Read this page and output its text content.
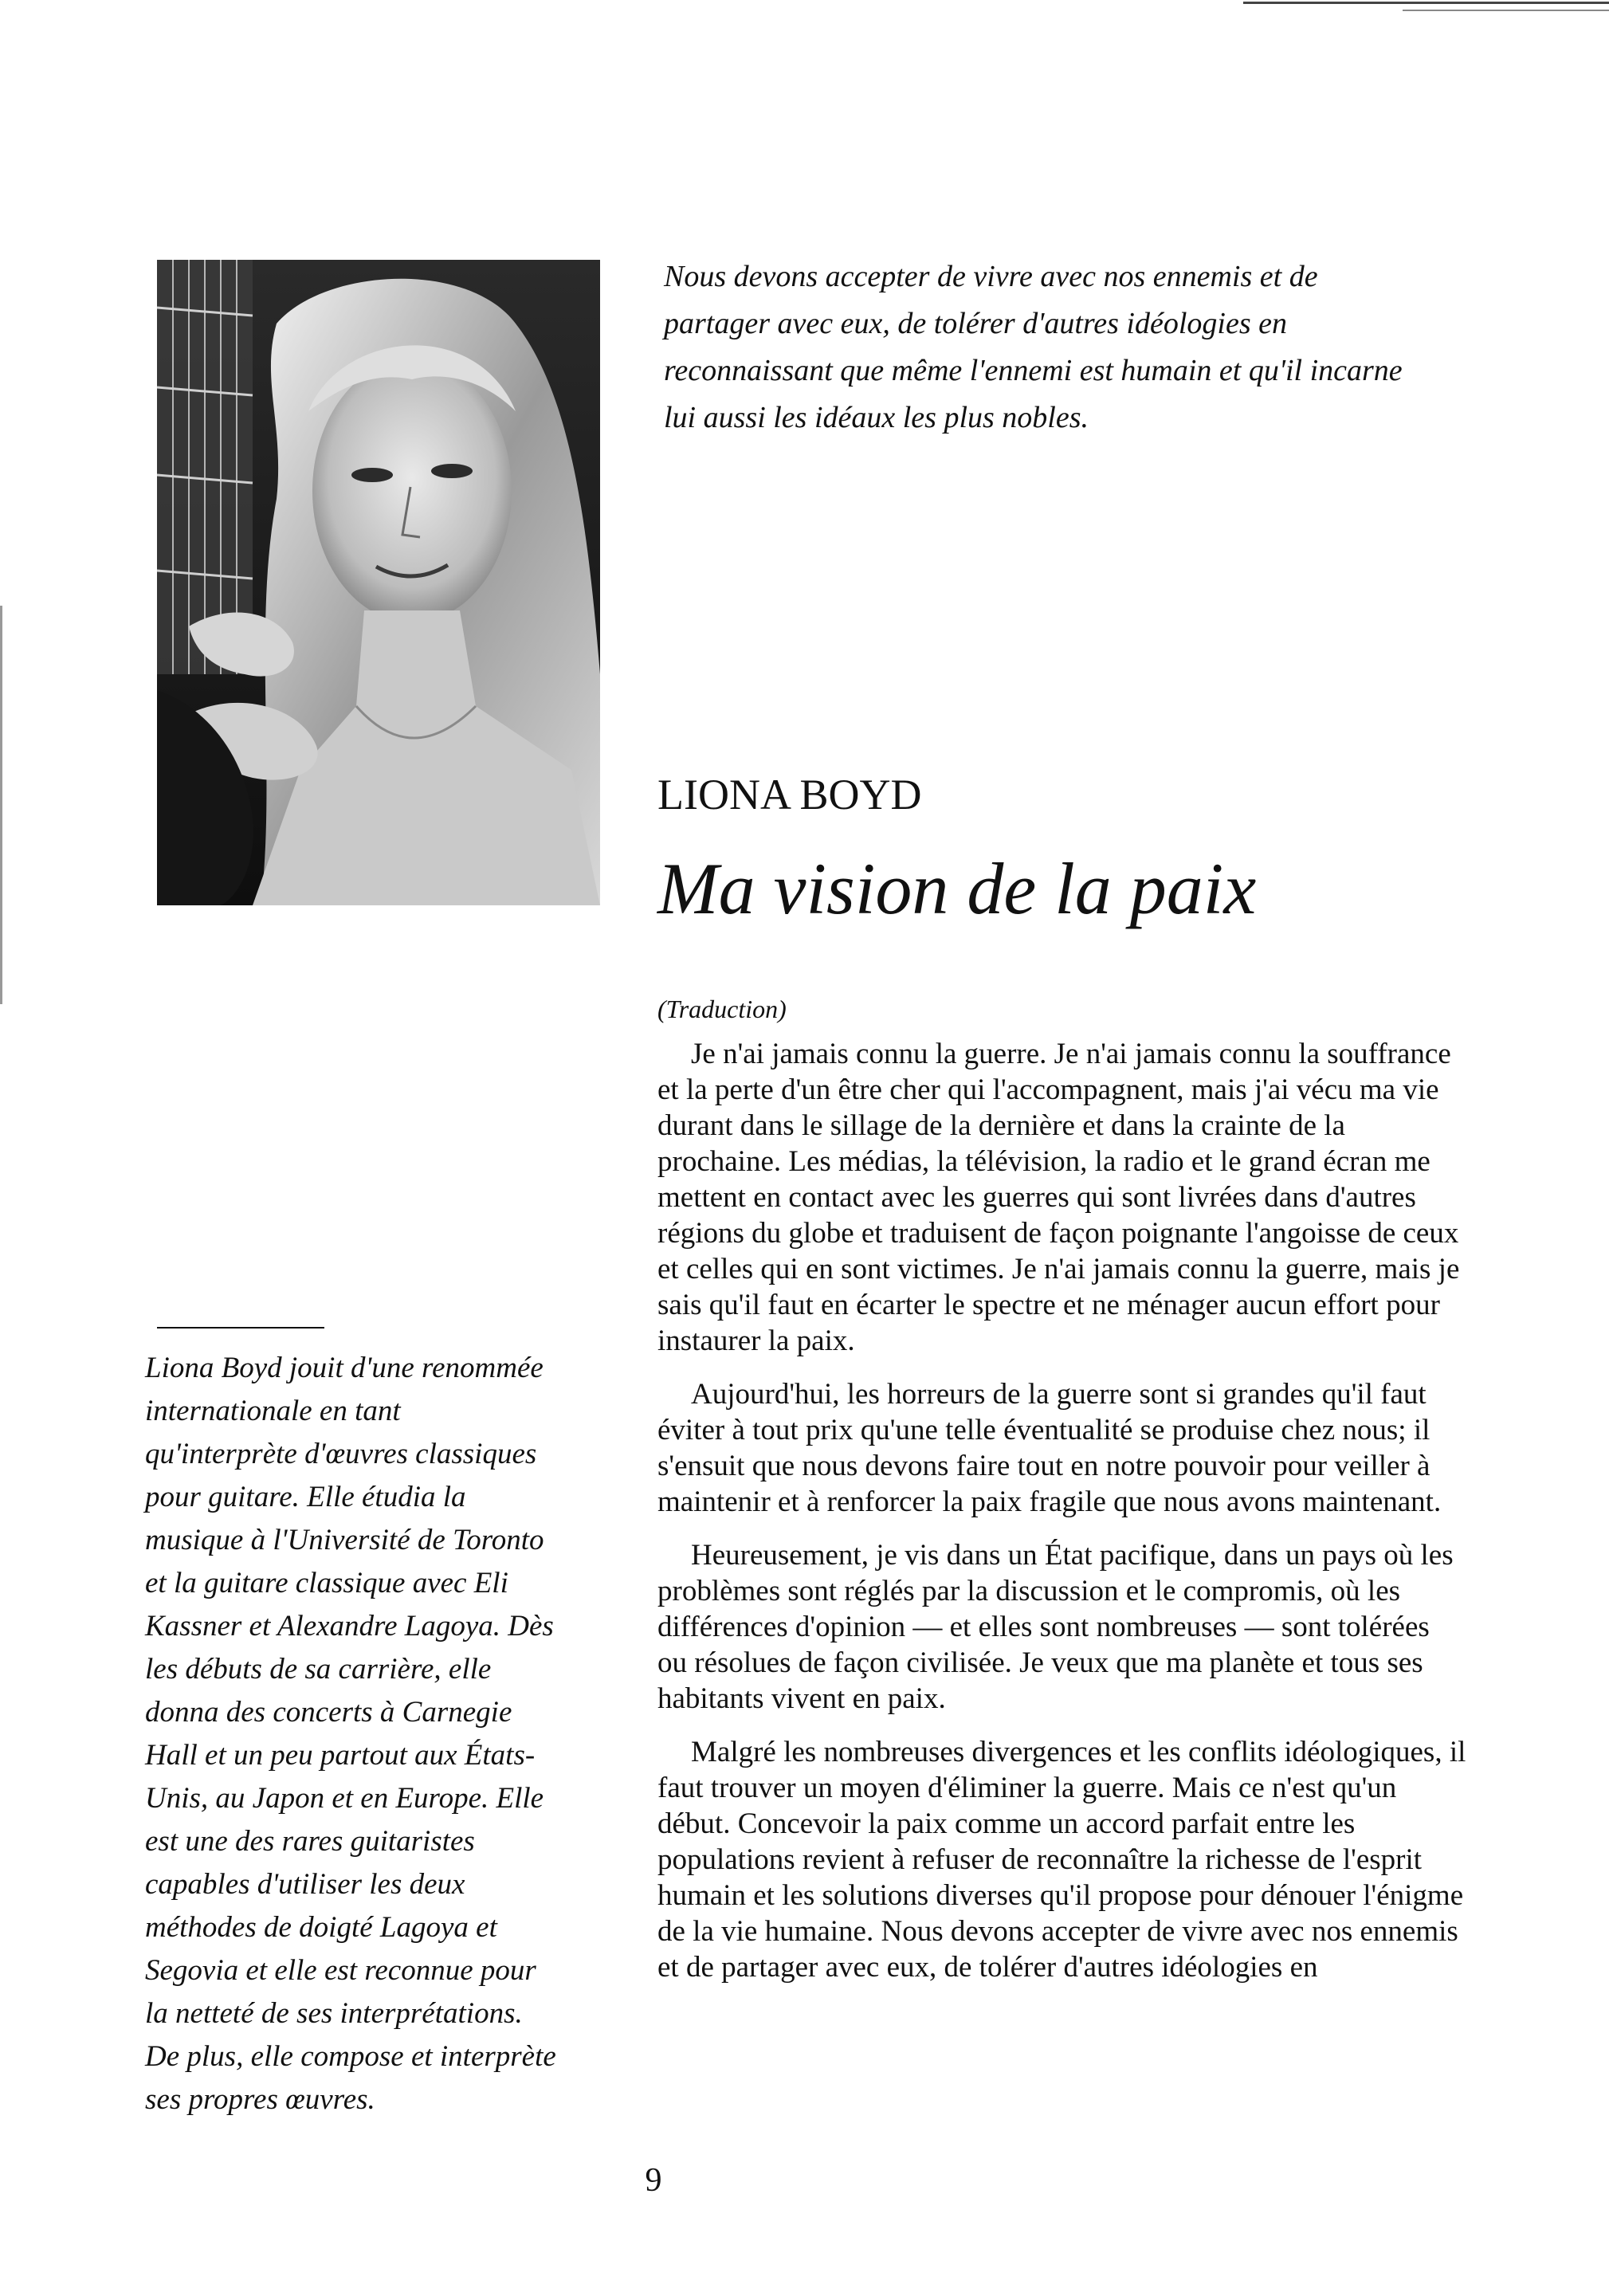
Nous devons accepter de vivre avec nos ennemis et de partager avec eux, de tolérer d'autres idéologies en reconnaissant que même l'ennemi est humain et qu'il incarne lui aussi les idéaux les plus nobles.

LIONA BOYD
Ma vision de la paix

(Traduction)

Je n'ai jamais connu la guerre. Je n'ai jamais connu la souffrance et la perte d'un être cher qui l'accompagnent, mais j'ai vécu ma vie durant dans le sillage de la dernière et dans la crainte de la prochaine. Les médias, la télévision, la radio et le grand écran me mettent en contact avec les guerres qui sont livrées dans d'autres régions du globe et traduisent de façon poignante l'angoisse de ceux et celles qui en sont victimes. Je n'ai jamais connu la guerre, mais je sais qu'il faut en écarter le spectre et ne ménager aucun effort pour instaurer la paix.

Aujourd'hui, les horreurs de la guerre sont si grandes qu'il faut éviter à tout prix qu'une telle éventualité se produise chez nous; il s'ensuit que nous devons faire tout en notre pouvoir pour veiller à maintenir et à renforcer la paix fragile que nous avons maintenant.

Heureusement, je vis dans un État pacifique, dans un pays où les problèmes sont réglés par la discussion et le compromis, où les différences d'opinion — et elles sont nombreuses — sont tolérées ou résolues de façon civilisée. Je veux que ma planète et tous ses habitants vivent en paix.

Malgré les nombreuses divergences et les conflits idéologiques, il faut trouver un moyen d'éliminer la guerre. Mais ce n'est qu'un début. Concevoir la paix comme un accord parfait entre les populations revient à refuser de reconnaître la richesse de l'esprit humain et les solutions diverses qu'il propose pour dénouer l'énigme de la vie humaine. Nous devons accepter de vivre avec nos ennemis et de partager avec eux, de tolérer d'autres idéologies en

Liona Boyd jouit d'une renommée internationale en tant qu'interprète d'œuvres classiques pour guitare. Elle étudia la musique à l'Université de Toronto et la guitare classique avec Eli Kassner et Alexandre Lagoya. Dès les débuts de sa carrière, elle donna des concerts à Carnegie Hall et un peu partout aux États-Unis, au Japon et en Europe. Elle est une des rares guitaristes capables d'utiliser les deux méthodes de doigté Lagoya et Segovia et elle est reconnue pour la netteté de ses interprétations. De plus, elle compose et interprète ses propres œuvres.

9
